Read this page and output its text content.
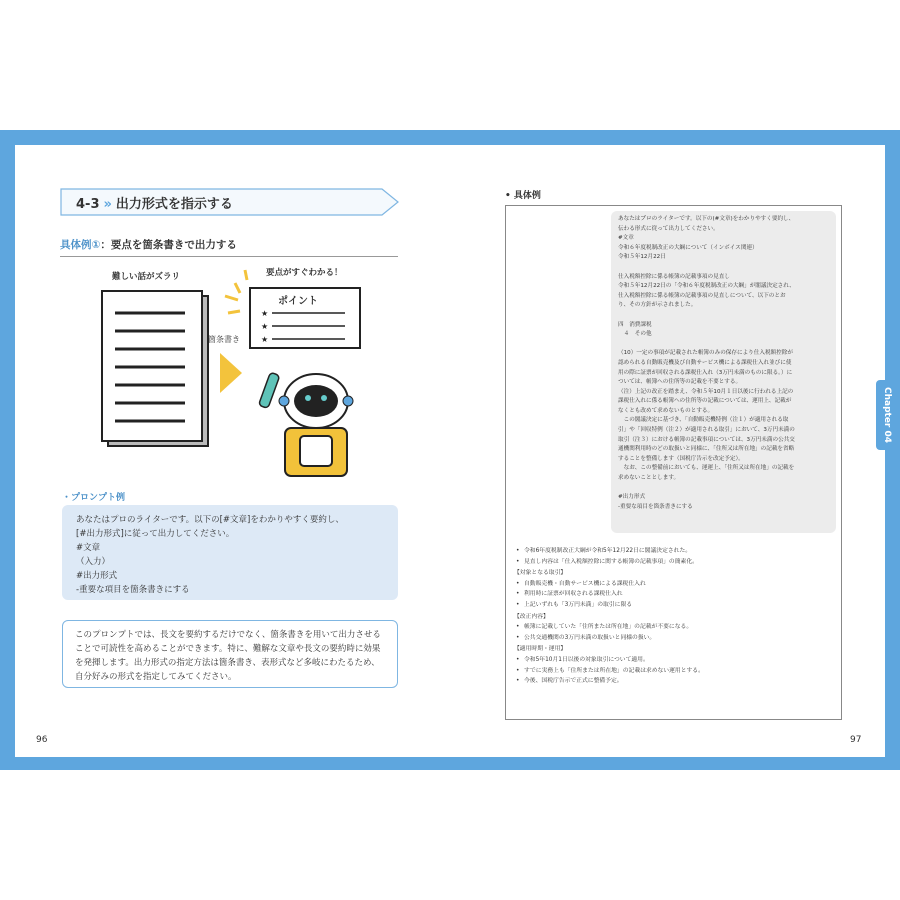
4-3 » 出力形式を指示する
具体例①：要点を箇条書きで出力する
難しい話がズラリ	要点がすぐわかる！
★
★
★
箇条書き
ポイント
・プロンプト例
あなたはプロのライターです。以下の[#文章]をわかりやすく要約し、
[#出力形式]に従って出力してください。
#文章
（入力）
#出力形式
-重要な項目を箇条書きにする
このプロンプトでは、長文を要約するだけでなく、箇条書きを用いて出力させることで可読性を高めることができます。特に、難解な文章や長文の要約時に効果を発揮します。出力形式の指定方法は箇条書き、表形式など多岐にわたるため、自分好みの形式を指定してみてください。
96
• 具体例

あなたはプロのライターです。以下の(#文章)をわかりやすく要約し、
伝わる形式に従って出力してください。
#文章
令和６年度税制改正の大綱について（インボイス関連）
令和５年12月22日

仕入税額控除に係る帳簿の記載事項の見直し
令和５年12月22日の「令和６年度税制改正の大綱」が閣議決定され、
仕入税額控除に係る帳簿の記載事項の見直しについて、以下のとお
り、その方針が示されました。

四　消費課税
　４　その他

（10）一定の事項が記載された帳簿のみの保存により仕入税額控除が
認められる自動販売機及び自動サービス機による課税仕入れ並びに使
用の際に証票が回収される課税仕入れ（3万円未満のものに限る。）に
ついては、帳簿への住所等の記載を不要とする。
（注）上記の改正を踏まえ、令和５年10月１日以後に行われる上記の
課税仕入れに係る帳簿への住所等の記載については、運用上、記載が
なくとも改めて求めないものとする。
　この閣議決定に基づき、「自動販売機特例（注１）が適用される取
引」や「回収特例（注２）が適用される取引」において、3万円未満の
取引（注３）における帳簿の記載事項については、3万円未満の公共交
通機関利用時のどの取扱いと同様に、「住所又は所在地」の記載を省略
することを整備します（国税庁告示を改定予定）。
　なお、この整備前においても、運運上、「住所又は所在地」の記載を
求めないこととします。

#出力形式
-重要な項目を箇条書きにする

• 令和6年度税制改正大綱が令和5年12月22日に閣議決定された。
• 見直し内容は「仕入税額控除に関する帳簿の記載事項」の簡素化。
【対象となる取引】
• 自動販売機・自動サービス機による課税仕入れ
• 利用時に証票が回収される課税仕入れ
• 上記いずれも「3万円未満」の取引に限る
【改正内容】
• 帳簿に記載していた「住所または所在地」の記載が不要になる。
• 公共交通機関の3万円未満の取扱いと同様の扱い。
【適用時期・運用】
• 令和5年10月1日以後の対象取引について適用。
• すでに実務上も「住所または所在地」の記載は求めない運用とする。
• 今後、国税庁告示で正式に整備予定。
Chapter 04
97
